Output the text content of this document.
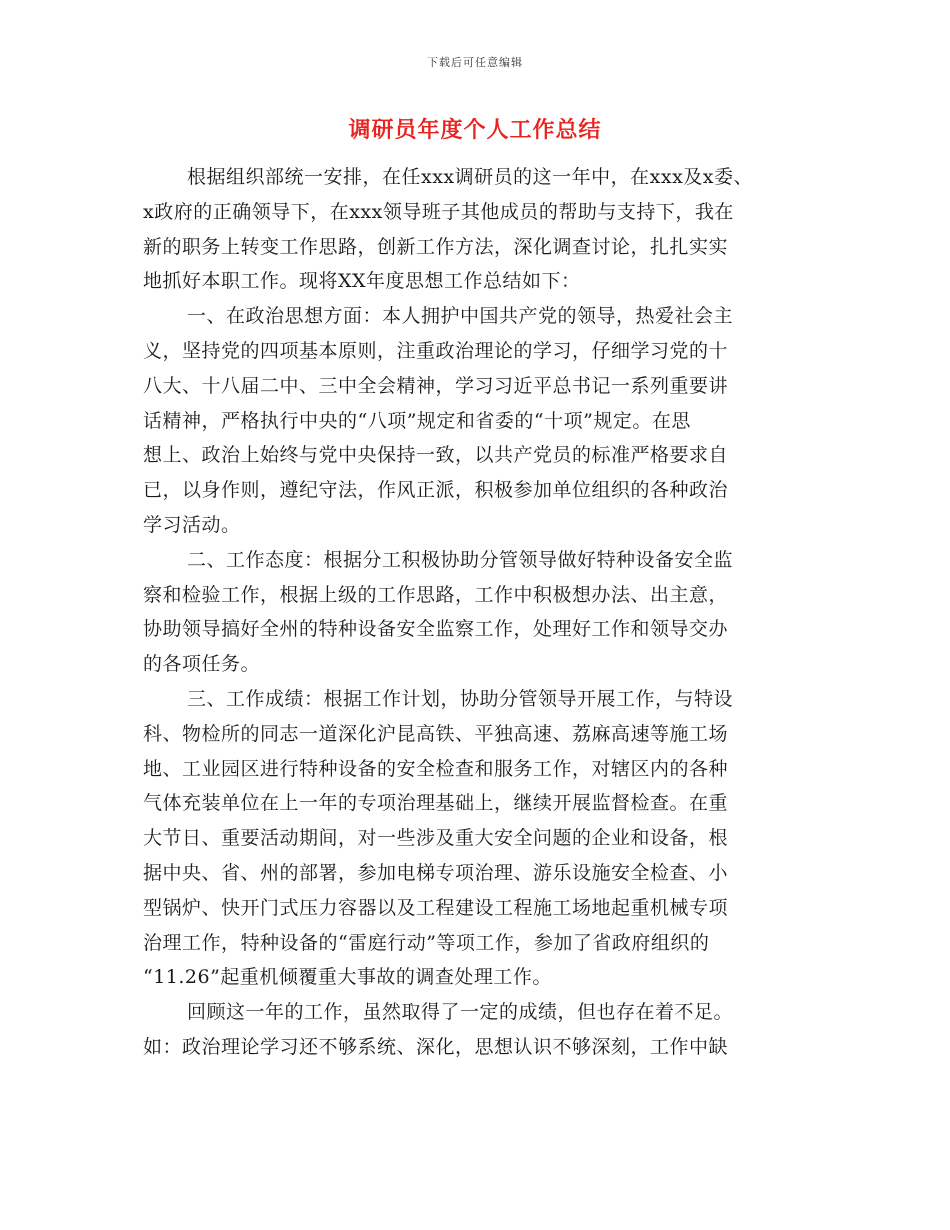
下载后可任意编辑
调研员年度个人工作总结
根据组织部统一安排，在任xxx调研员的这一年中，在xxx及x委、
x政府的正确领导下，在xxx领导班子其他成员的帮助与支持下，我在
新的职务上转变工作思路，创新工作方法，深化调查讨论，扎扎实实
地抓好本职工作。现将XX年度思想工作总结如下：
一、在政治思想方面：本人拥护中国共产党的领导，热爱社会主
义，坚持党的四项基本原则，注重政治理论的学习，仔细学习党的十
八大、十八届二中、三中全会精神，学习习近平总书记一系列重要讲
话精神，严格执行中央的“八项”规定和省委的“十项”规定。在思
想上、政治上始终与党中央保持一致，以共产党员的标准严格要求自
已，以身作则，遵纪守法，作风正派，积极参加单位组织的各种政治
学习活动。
二、工作态度：根据分工积极协助分管领导做好特种设备安全监
察和检验工作，根据上级的工作思路，工作中积极想办法、出主意，
协助领导搞好全州的特种设备安全监察工作，处理好工作和领导交办
的各项任务。
三、工作成绩：根据工作计划，协助分管领导开展工作，与特设
科、物检所的同志一道深化沪昆高铁、平独高速、荔麻高速等施工场
地、工业园区进行特种设备的安全检查和服务工作，对辖区内的各种
气体充装单位在上一年的专项治理基础上，继续开展监督检查。在重
大节日、重要活动期间，对一些涉及重大安全问题的企业和设备，根
据中央、省、州的部署，参加电梯专项治理、游乐设施安全检查、小
型锅炉、快开门式压力容器以及工程建设工程施工场地起重机械专项
治理工作，特种设备的“雷庭行动”等项工作，参加了省政府组织的
“11.26”起重机倾覆重大事故的调查处理工作。
回顾这一年的工作，虽然取得了一定的成绩，但也存在着不足。
如：政治理论学习还不够系统、深化，思想认识不够深刻，工作中缺
